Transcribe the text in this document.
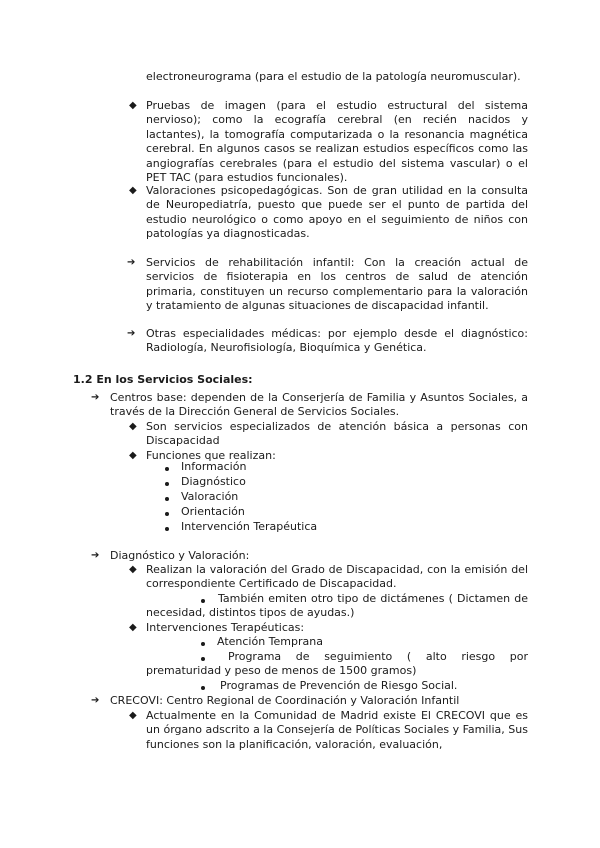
electroneurograma (para el estudio de la patología neuromuscular).
◆ Pruebas de imagen (para el estudio estructural del sistema nervioso); como la ecografía cerebral (en recién nacidos y lactantes), la tomografía computarizada o la resonancia magnética cerebral. En algunos casos se realizan estudios específicos como las angiografías cerebrales (para el estudio del sistema vascular) o el PET TAC (para estudios funcionales).
◆ Valoraciones psicopedagógicas. Son de gran utilidad en la consulta de Neuropediatría, puesto que puede ser el punto de partida del estudio neurológico o como apoyo en el seguimiento de niños con patologías ya diagnosticadas.
➔ Servicios de rehabilitación infantil: Con la creación actual de servicios de fisioterapia en los centros de salud de atención primaria, constituyen un recurso complementario para la valoración y tratamiento de algunas situaciones de discapacidad infantil.
➔ Otras especialidades médicas: por ejemplo desde el diagnóstico: Radiología, Neurofisiología, Bioquímica y Genética.
1.2 En los Servicios Sociales:
➔ Centros base: dependen de la Conserjería de Familia y Asuntos Sociales, a través de la Dirección General de Servicios Sociales.
◆ Son servicios especializados de atención básica a personas con Discapacidad
◆ Funciones que realizan:
Información
Diagnóstico
Valoración
Orientación
Intervención Terapéutica
➔ Diagnóstico y Valoración:
◆ Realizan la valoración del Grado de Discapacidad, con la emisión del correspondiente Certificado de Discapacidad.
También emiten otro tipo de dictámenes ( Dictamen de necesidad, distintos tipos de ayudas.)
◆ Intervenciones Terapéuticas:
Atención Temprana
Programa de seguimiento ( alto riesgo por prematuridad y peso de menos de 1500 gramos)
Programas de Prevención de Riesgo Social.
➔ CRECOVI: Centro Regional de Coordinación y Valoración Infantil
◆ Actualmente en la Comunidad de Madrid existe El CRECOVI que es un órgano adscrito a la Consejería de Políticas Sociales y Familia, Sus funciones son la planificación, valoración, evaluación,
